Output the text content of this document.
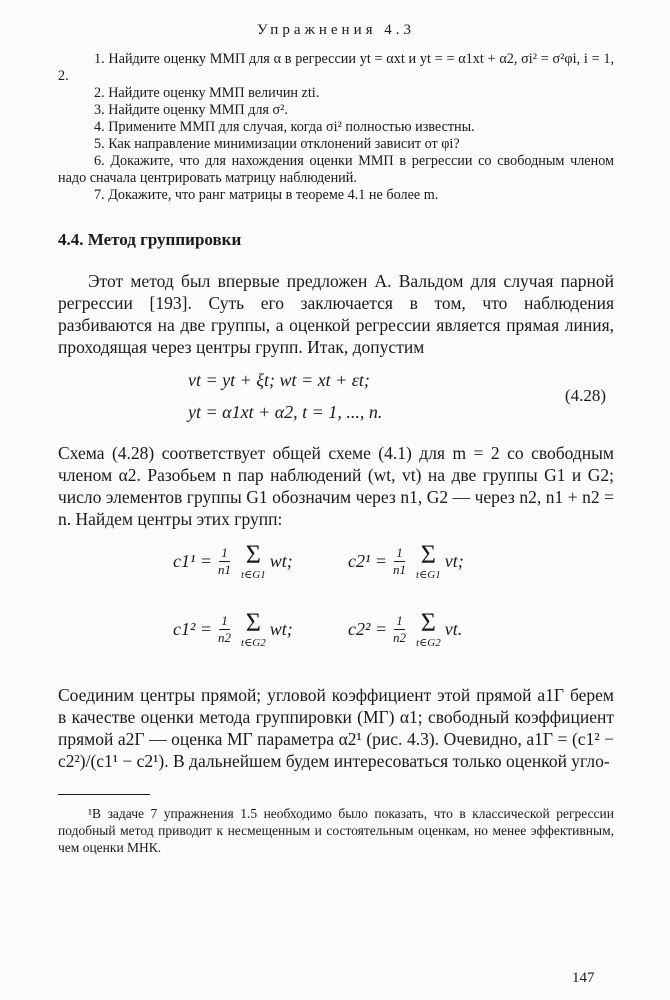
Упражнения 4.3

1. Найдите оценку ММП для α в регрессии yt = αxt и yt = = α1xt + α2, σi² = σ²φi, i = 1, 2.

2. Найдите оценку ММП величин zti.

3. Найдите оценку ММП для σ².

4. Примените ММП для случая, когда σi² полностью известны.

5. Как направление минимизации отклонений зависит от φi?

6. Докажите, что для нахождения оценки ММП в регрессии со свободным членом надо сначала центрировать матрицу наблюдений.

7. Докажите, что ранг матрицы в теореме 4.1 не более m.

4.4. Метод группировки

Этот метод был впервые предложен А. Вальдом для случая парной регрессии [193]. Суть его заключается в том, что наблюдения разбиваются на две группы, а оценкой регрессии является прямая линия, проходящая через центры групп. Итак, допустим

vt = yt + ξt; wt = xt + εt;
yt = α1xt + α2, t = 1, ..., n.
(4.28)

Схема (4.28) соответствует общей схеме (4.1) для m = 2 со свободным членом α2. Разобьем n пар наблюдений (wt, vt) на две группы G1 и G2; число элементов группы G1 обозначим через n1, G2 — через n2, n1 + n2 = n. Найдем центры этих групп:

$c1^1 = \frac{1}{n1}$ Σ
t∈G1
wt;	$c2^1 = \frac{1}{n1}$ Σ
t∈G1
vt;
$c1^2 = \frac{1}{n2}$ Σ
t∈G2
wt;	$c2^2 = \frac{1}{n2}$ Σ
t∈G2
vt.

Соединим центры прямой; угловой коэффициент этой прямой a1Г берем в качестве оценки метода группировки (МГ) α1; свободный коэффициент прямой a2Г — оценка МГ параметра α2¹ (рис. 4.3). Очевидно, a1Г = (c1² − c2²)/(c1¹ − c2¹). В дальнейшем будем интересоваться только оценкой угло-

¹В задаче 7 упражнения 1.5 необходимо было показать, что в классической регрессии подобный метод приводит к несмещенным и состоятельным оценкам, но менее эффективным, чем оценки МНК.
147
